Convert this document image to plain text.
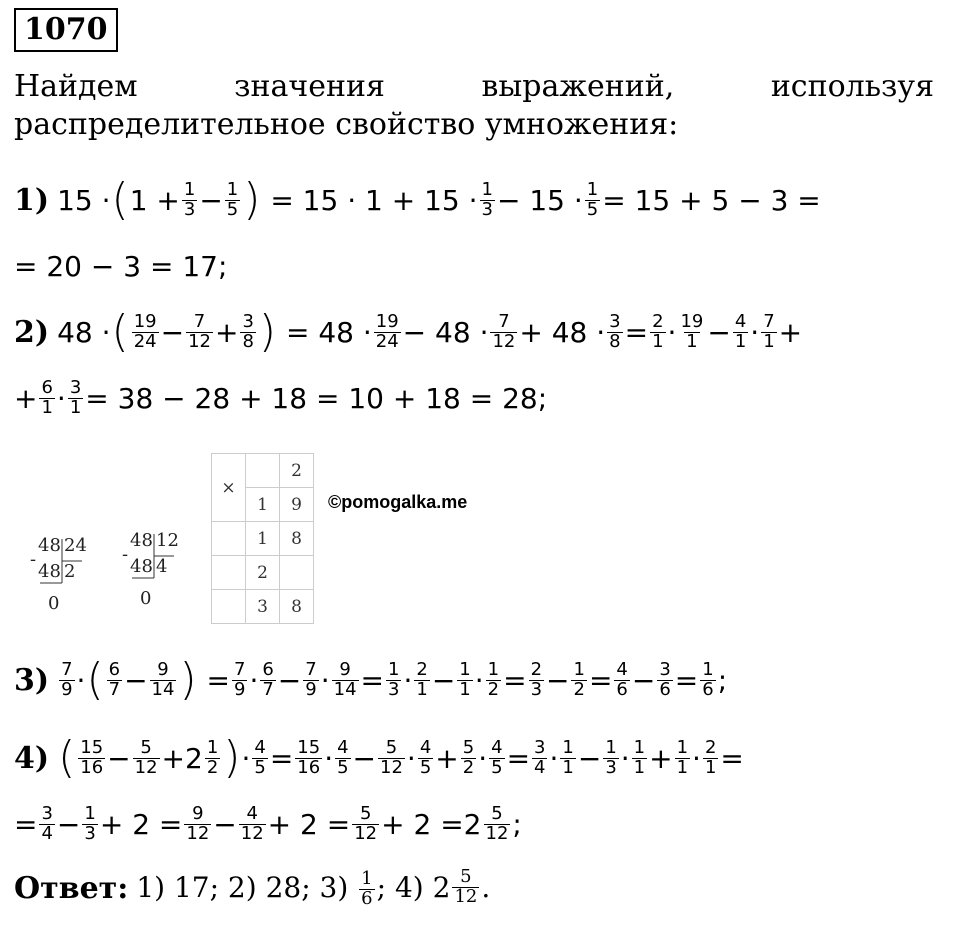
1070
Найдем значения выражений, используя распределительное свойство умножения:
1) 15 · ( 1 + 1
3 − 1
5 ) = 15 · 1 + 15 · 1
3 − 15 · 1
5 = 15 + 5 − 3 =
= 20 − 3 = 17;
2) 48 · ( 19
24 − 7
12 + 3
8 ) = 48 · 19
24 − 48 · 7
12 + 48 · 3
8 = 2
1 · 19
1 − 4
1 · 7
1 +
+ 6
1 · 3
1 = 38 − 28 + 18 = 10 + 18 = 28;
48 24
-
48 2
0
48 12
-
48 4
0
×		2
	1	9
	1	8
	2	
	3	8
©pomogalka.me
3) 7
9 · ( 6
7 − 9
14 ) = 7
9 · 6
7 − 7
9 · 9
14 = 1
3 · 2
1 − 1
1 · 1
2 = 2
3 − 1
2 = 4
6 − 3
6 = 1
6 ;
4) ( 15
16 − 5
12 + 2 1
2 ) · 4
5 = 15
16 · 4
5 − 5
12 · 4
5 + 5
2 · 4
5 = 3
4 · 1
1 − 1
3 · 1
1 + 1
1 · 2
1 =
= 3
4 − 1
3 + 2 = 9
12 − 4
12 + 2 = 5
12 + 2 = 2 5
12 ;
Ответ: 1) 17; 2) 28; $3) \frac{1}{6}$ ; 4) 2 5
12 .
